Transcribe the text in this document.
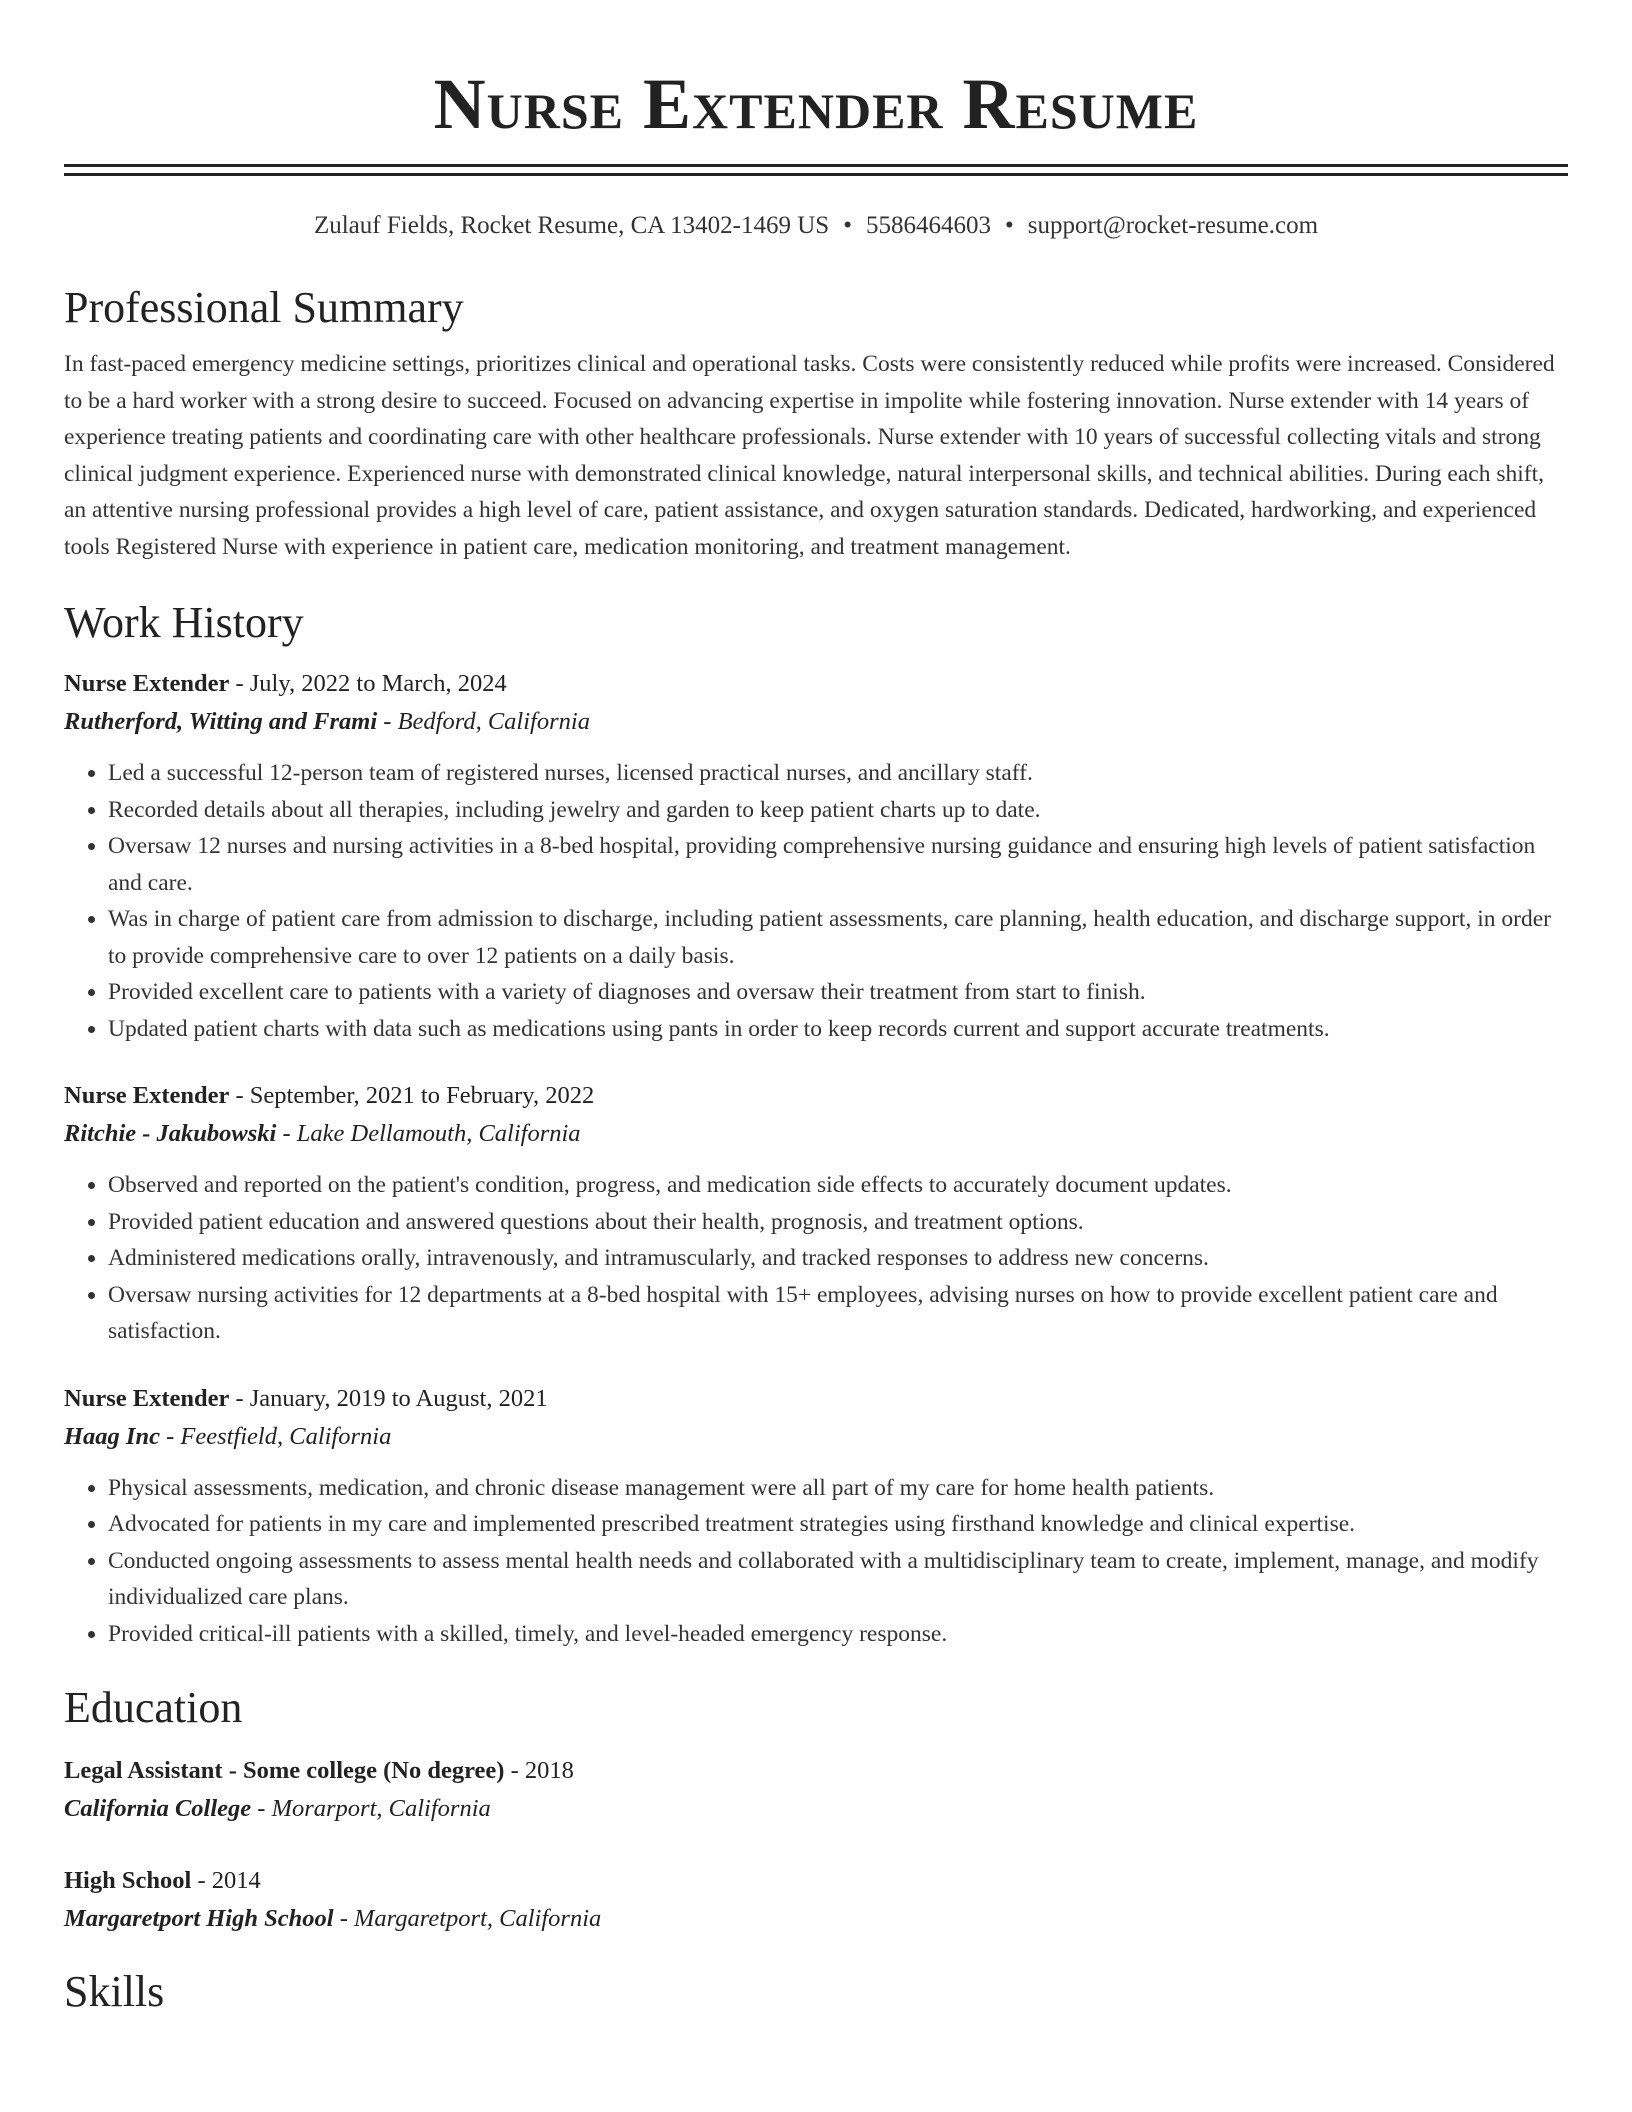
Nurse Extender Resume
Zulauf Fields, Rocket Resume, CA 13402-1469 US • 5586464603 • support@rocket-resume.com
Professional Summary

In fast-paced emergency medicine settings, prioritizes clinical and operational tasks. Costs were consistently reduced while profits were increased. Considered to be a hard worker with a strong desire to succeed. Focused on advancing expertise in impolite while fostering innovation. Nurse extender with 14 years of experience treating patients and coordinating care with other healthcare professionals. Nurse extender with 10 years of successful collecting vitals and strong clinical judgment experience. Experienced nurse with demonstrated clinical knowledge, natural interpersonal skills, and technical abilities. During each shift, an attentive nursing professional provides a high level of care, patient assistance, and oxygen saturation standards. Dedicated, hardworking, and experienced tools Registered Nurse with experience in patient care, medication monitoring, and treatment management.

Work History
Nurse Extender - July, 2022 to March, 2024
Rutherford, Witting and Frami - Bedford, California
• Led a successful 12-person team of registered nurses, licensed practical nurses, and ancillary staff.
• Recorded details about all therapies, including jewelry and garden to keep patient charts up to date.
• Oversaw 12 nurses and nursing activities in a 8-bed hospital, providing comprehensive nursing guidance and ensuring high levels of patient satisfaction and care.
• Was in charge of patient care from admission to discharge, including patient assessments, care planning, health education, and discharge support, in order to provide comprehensive care to over 12 patients on a daily basis.
• Provided excellent care to patients with a variety of diagnoses and oversaw their treatment from start to finish.
• Updated patient charts with data such as medications using pants in order to keep records current and support accurate treatments.
Nurse Extender - September, 2021 to February, 2022
Ritchie - Jakubowski - Lake Dellamouth, California
• Observed and reported on the patient's condition, progress, and medication side effects to accurately document updates.
• Provided patient education and answered questions about their health, prognosis, and treatment options.
• Administered medications orally, intravenously, and intramuscularly, and tracked responses to address new concerns.
• Oversaw nursing activities for 12 departments at a 8-bed hospital with 15+ employees, advising nurses on how to provide excellent patient care and satisfaction.
Nurse Extender - January, 2019 to August, 2021
Haag Inc - Feestfield, California
• Physical assessments, medication, and chronic disease management were all part of my care for home health patients.
• Advocated for patients in my care and implemented prescribed treatment strategies using firsthand knowledge and clinical expertise.
• Conducted ongoing assessments to assess mental health needs and collaborated with a multidisciplinary team to create, implement, manage, and modify individualized care plans.
• Provided critical-ill patients with a skilled, timely, and level-headed emergency response.
Education
Legal Assistant - Some college (No degree) - 2018
California College - Morarport, California
High School - 2014
Margaretport High School - Margaretport, California
Skills
